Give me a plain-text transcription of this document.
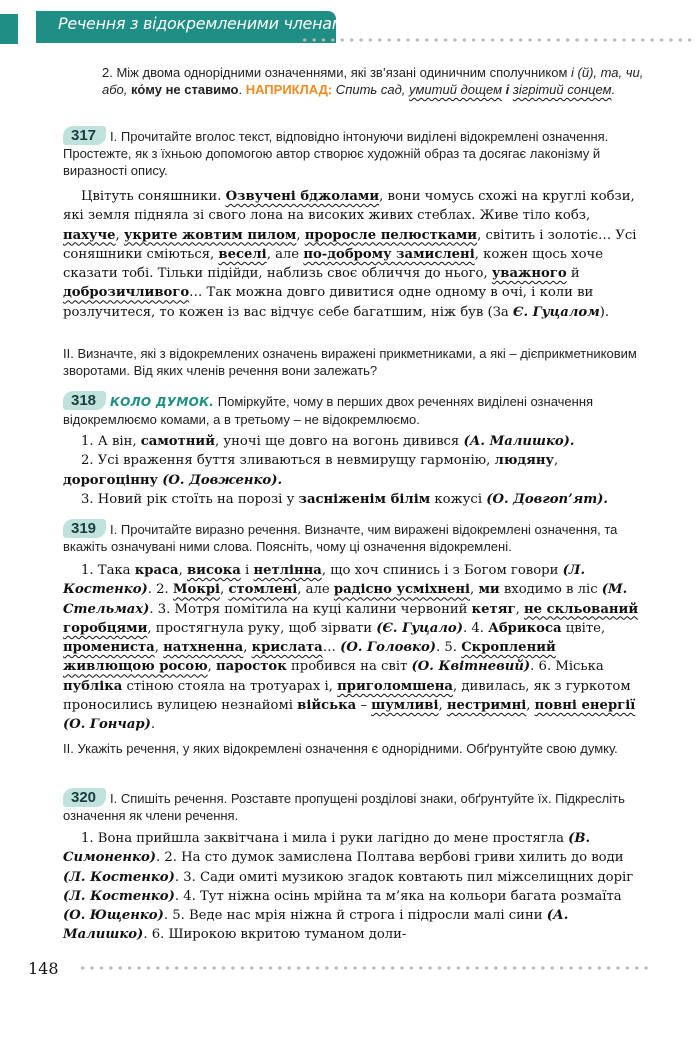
Речення з відокремленими членами

2. Між двома однорідними означеннями, які зв’язані одиничним сполучником і (й), та, чи, або, ко́му не ставимо. НАПРИКЛАД: Спить сад, умитий дощем і зігрітий сонцем.

317 I. Прочитайте вголос текст, відповідно інтонуючи виділені відокремлені означення. Простежте, як з їхньою допомогою автор створює художній образ та досягає лаконізму й виразності опису.

Цвітуть соняшники. Озвучені бджолами, вони чомусь схожі на круглі кобзи, які земля підняла зі свого лона на високих живих стеблах. Живе тіло кобз, пахуче, укрите жовтим пилом, проросле пелюстками, світить і золотіє… Усі соняшники сміються, веселі, але по-доброму замислені, кожен щось хоче сказати тобі. Тільки підійди, наблизь своє обличчя до нього, уважного й доброзичливого… Так можна довго дивитися одне одному в очі, і коли ви розлучитеся, то кожен із вас відчує себе багатшим, ніж був (За Є. Гуцалом).

II. Визначте, які з відокремлених означень виражені прикметниками, а які – дієприкметниковим зворотами. Від яких членів речення вони залежать?

318 КОЛО ДУМОК. Поміркуйте, чому в перших двох реченнях виділені означення відокремлюємо комами, а в третьому – не відокремлюємо.

1. А він, самотний, уночі ще довго на вогонь дивився (А. Малишко).

2. Усі враження буття зливаються в невмирущу гармонію, людяну, дорогоцінну (О. Довженко).

3. Новий рік стоїть на порозі у засніженім білім кожусі (О. Довгоп’ят).

319 I. Прочитайте виразно речення. Визначте, чим виражені відокремлені означення, та вкажіть означувані ними слова. Поясніть, чому ці означення відокремлені.

1. Така краса, висока і нетлінна, що хоч спинись і з Богом говори (Л. Костенко). 2. Мокрі, стомлені, але радісно усміхнені, ми входимо в ліс (М. Стельмах). 3. Мотря помітила на куці калини червоний кетяг, не скльований горобцями, простягнула руку, щоб зірвати (Є. Гуцало). 4. Абрикоса цвіте, промениста, натхненна, крислата… (О. Головко). 5. Скроплений живлющою росою, паросток пробився на світ (О. Квітневий). 6. Міська публіка стіною стояла на тротуарах і, приголомшена, дивилась, як з гуркотом проносились вулицею незнайомі війська – шумливі, нестримні, повні енергії (О. Гончар).

II. Укажіть речення, у яких відокремлені означення є однорідними. Обґрунтуйте свою думку.

320 I. Спишіть речення. Розставте пропущені розділові знаки, обґрунтуйте їх. Підкресліть означення як члени речення.

1. Вона прийшла заквітчана і мила і руки лагідно до мене простягла (В. Симоненко). 2. На сто думок замислена Полтава вербові гриви хилить до води (Л. Костенко). 3. Сади омиті музикою згадок ковтають пил міжселищних доріг (Л. Костенко). 4. Тут ніжна осінь мрійна та м’яка на кольори багата розмаїта (О. Ющенко). 5. Веде нас мрія ніжна й строга і підросли малі сини (А. Малишко). 6. Широкою вкритою туманом доли-

148
